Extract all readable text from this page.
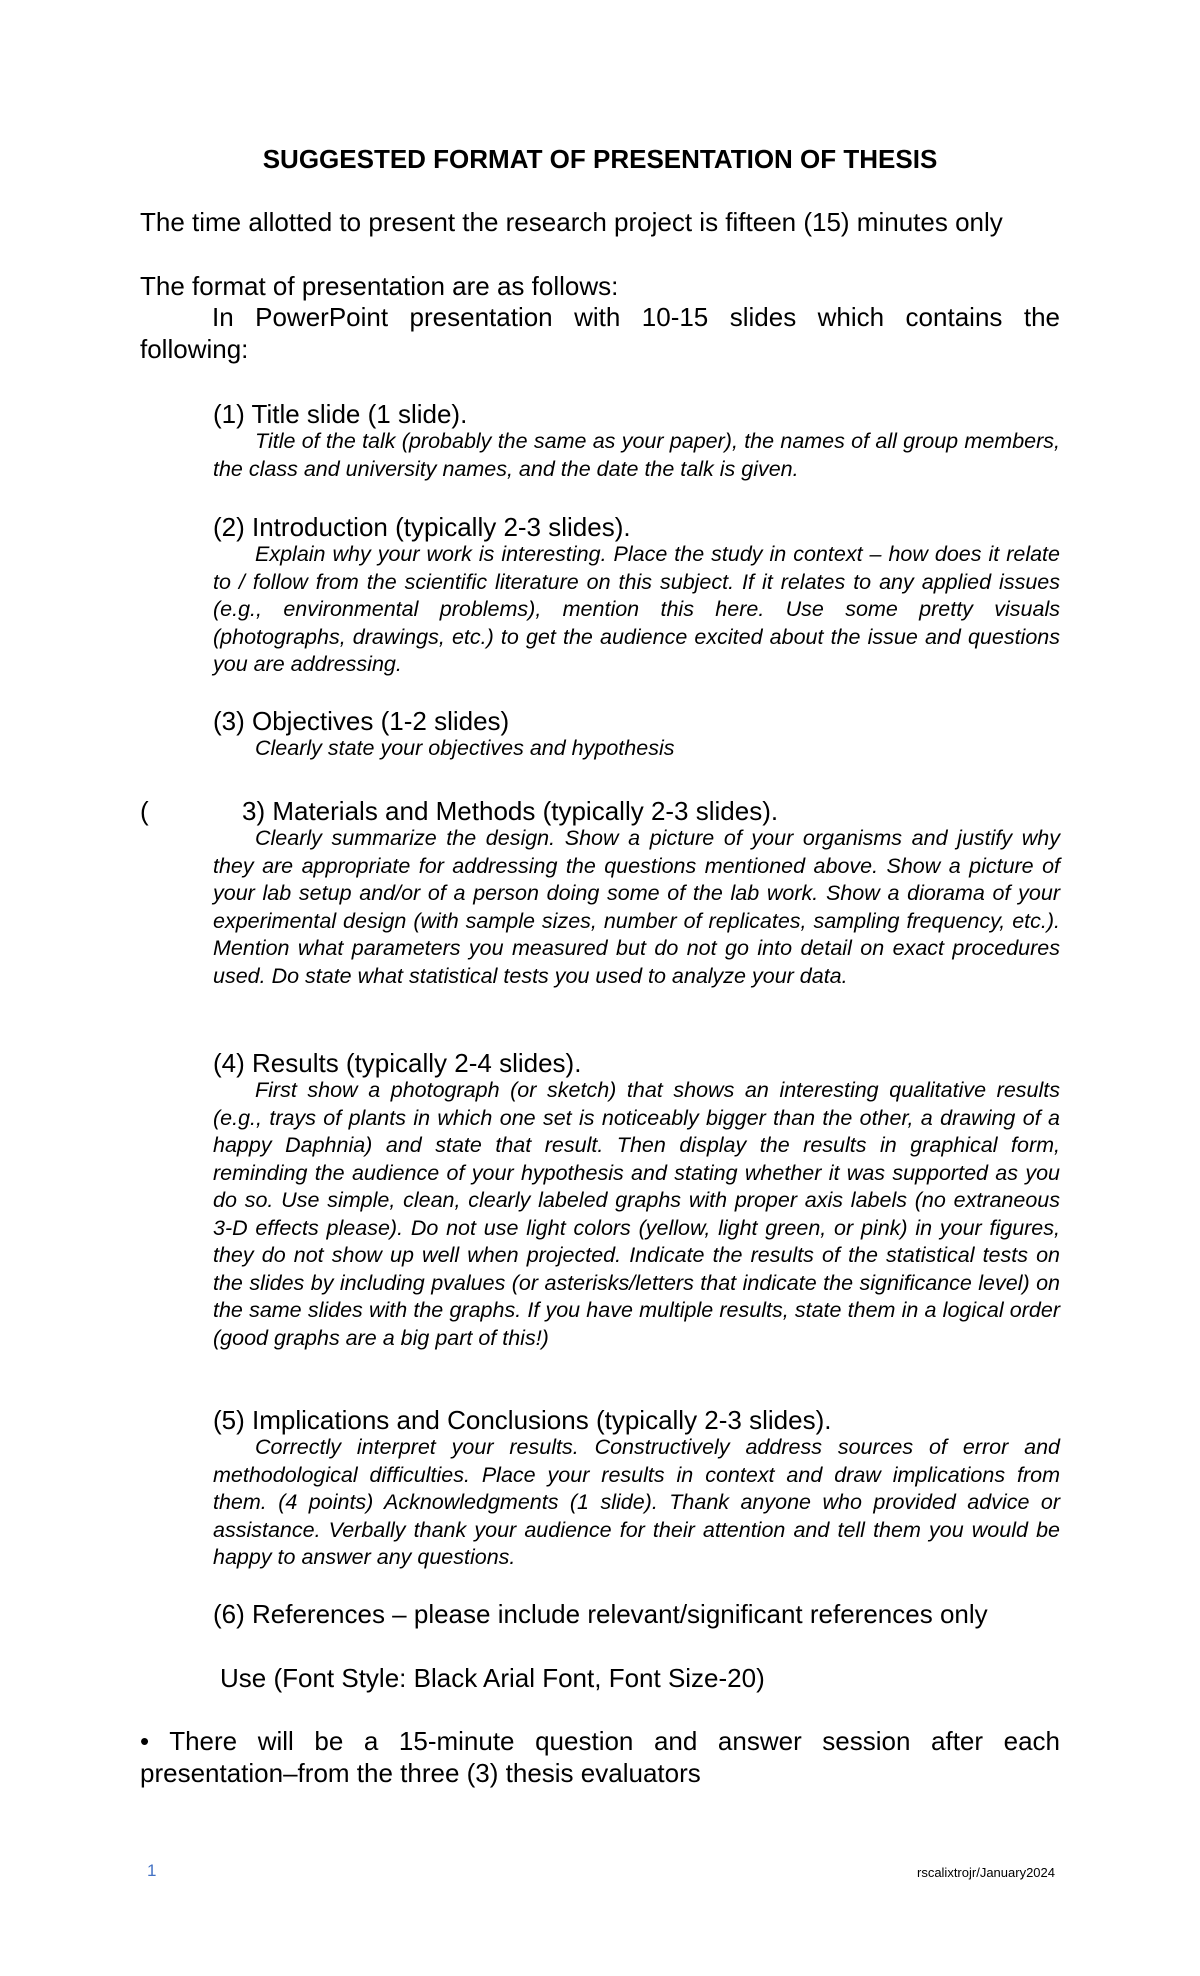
SUGGESTED FORMAT OF PRESENTATION OF THESIS

The time allotted to present the research project is fifteen (15) minutes only

The format of presentation are as follows:

In PowerPoint presentation with 10-15 slides which contains the following:

(1) Title slide (1 slide).

Title of the talk (probably the same as your paper), the names of all group members, the class and university names, and the date the talk is given.

(2) Introduction (typically 2-3 slides).

Explain why your work is interesting. Place the study in context – how does it relate to / follow from the scientific literature on this subject. If it relates to any applied issues (e.g., environmental problems), mention this here. Use some pretty visuals (photographs, drawings, etc.) to get the audience excited about the issue and questions you are addressing.

(3) Objectives (1-2 slides)

Clearly state your objectives and hypothesis

(	3) Materials and Methods (typically 2-3 slides).

Clearly summarize the design. Show a picture of your organisms and justify why they are appropriate for addressing the questions mentioned above. Show a picture of your lab setup and/or of a person doing some of the lab work. Show a diorama of your experimental design (with sample sizes, number of replicates, sampling frequency, etc.). Mention what parameters you measured but do not go into detail on exact procedures used. Do state what statistical tests you used to analyze your data.

(4) Results (typically 2-4 slides).

First show a photograph (or sketch) that shows an interesting qualitative results (e.g., trays of plants in which one set is noticeably bigger than the other, a drawing of a happy Daphnia) and state that result. Then display the results in graphical form, reminding the audience of your hypothesis and stating whether it was supported as you do so. Use simple, clean, clearly labeled graphs with proper axis labels (no extraneous 3-D effects please). Do not use light colors (yellow, light green, or pink) in your figures, they do not show up well when projected. Indicate the results of the statistical tests on the slides by including pvalues (or asterisks/letters that indicate the significance level) on the same slides with the graphs. If you have multiple results, state them in a logical order (good graphs are a big part of this!)

(5) Implications and Conclusions (typically 2-3 slides).

Correctly interpret your results. Constructively address sources of error and methodological difficulties. Place your results in context and draw implications from them. (4 points) Acknowledgments (1 slide). Thank anyone who provided advice or assistance. Verbally thank your audience for their attention and tell them you would be happy to answer any questions.

(6) References – please include relevant/significant references only

Use (Font Style: Black Arial Font, Font Size-20)

• There will be a 15-minute question and answer session after each presentation–from the three (3) thesis evaluators

1	rscalixtrojr/January2024
